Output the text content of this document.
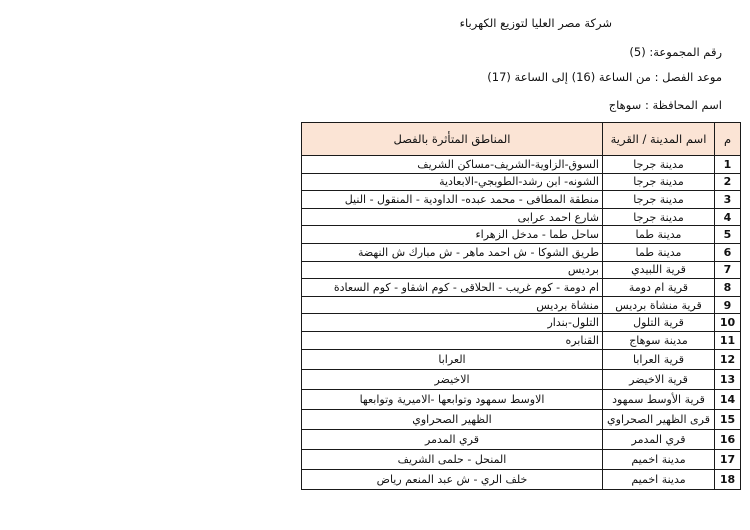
شركة مصر العليا لتوزيع الكهرباء
رقم المجموعة: (5)
موعد الفصل : من الساعة (16) إلى الساعة (17)
اسم المحافظة : سوهاج
م	اسم المدينة / القرية	المناطق المتأثرة بالفصل
1	مدينة جرجا	السوق-الزاوية-الشريف-مساكن الشريف
2	مدينة جرجا	الشونه- ابن رشد-الطوبجي-الابعادية
3	مدينة جرجا	منطقة المطافى - محمد عبده- الداودية - المنقول - النيل
4	مدينة جرجا	شارع احمد عرابى
5	مدينة طما	ساحل طما - مدخل الزهراء
6	مدينة طما	طريق الشوكا - ش احمد ماهر - ش مبارك ش النهضة
7	قرية اللبيدي	برديس
8	قرية ام دومة	ام دومة - كوم غريب - الحلاقى - كوم اشقاو - كوم السعادة
9	قرية منشاة برديس	منشاة برديس
10	قرية التلول	التلول-بندار
11	مدينة سوهاج	القنابره
12	قرية العرابا	العرابا
13	قرية الاخيضر	الاخيضر
14	قرية الأوسط سمهود	الاوسط سمهود وتوابعها -الاميرية وتوابعها
15	قرى الظهير الصحراوي	الظهير الصحراوي
16	قري المدمر	قري المدمر
17	مدينة اخميم	المنحل - حلمى الشريف
18	مدينة اخميم	خلف الري - ش عبد المنعم رياض
